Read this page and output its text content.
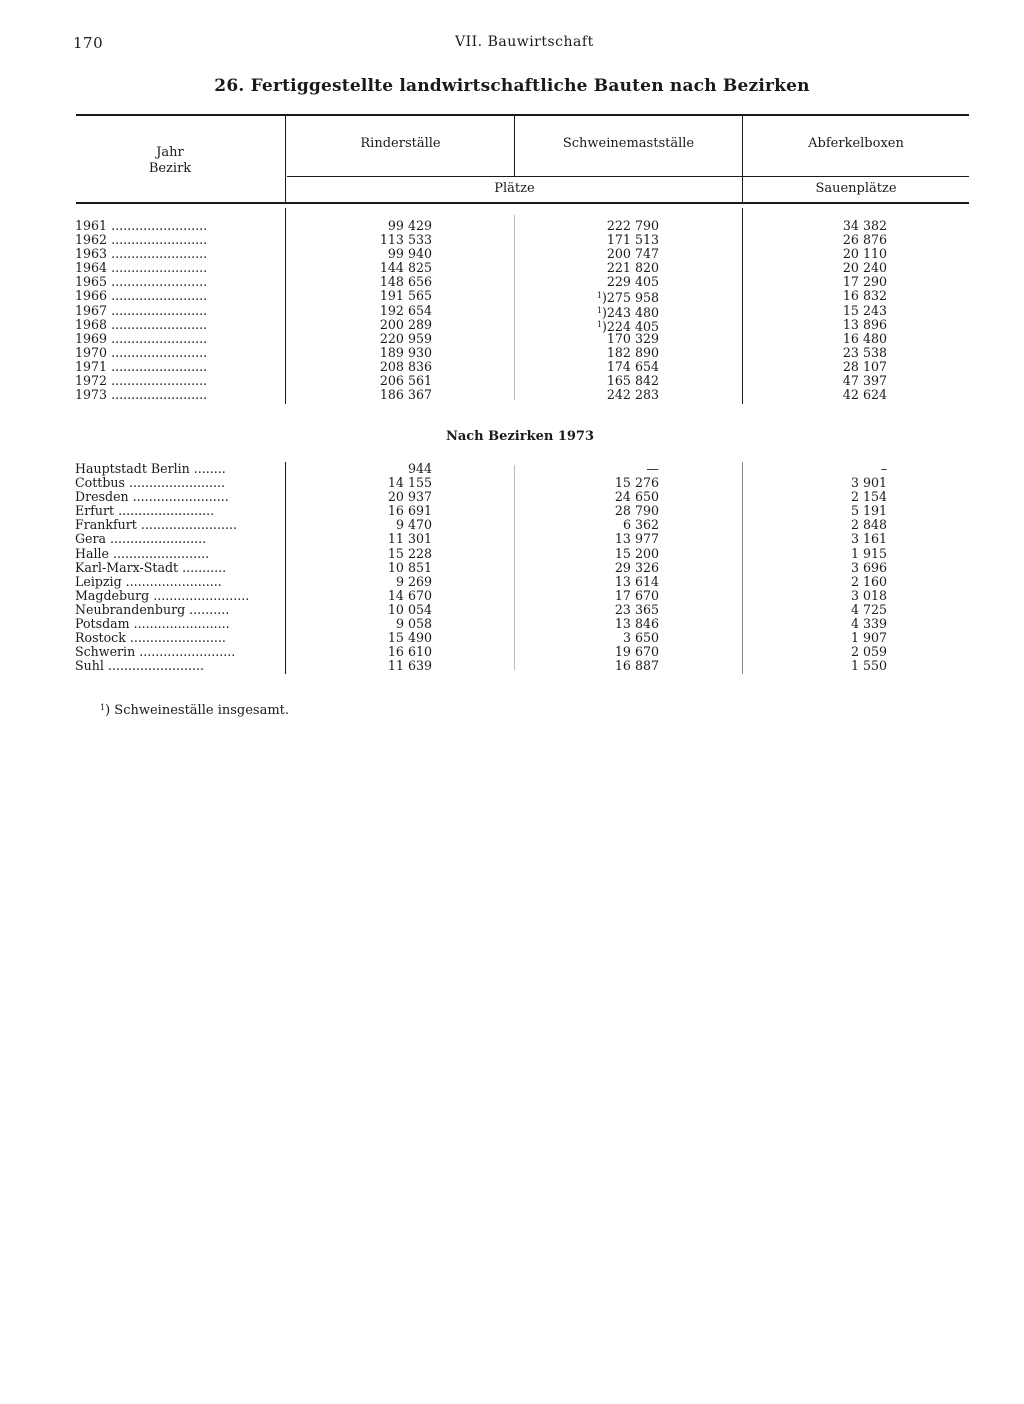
170	VII. Bauwirtschaft
26. Fertiggestellte landwirtschaftliche Bauten nach Bezirken
Jahr
Bezirk
Rinderställe	Schweinemastställe	Abferkelboxen
Plätze	Sauenplätze
1961 ........................	99 429	222 790	34 382
1962 ........................	113 533	171 513	26 876
1963 ........................	99 940	200 747	20 110
1964 ........................	144 825	221 820	20 240
1965 ........................	148 656	229 405	17 290
1966 ........................	191 565	$^1$)275 958	16 832
1967 ........................	192 654	$^1$)243 480	15 243
1968 ........................	200 289	$^1$)224 405	13 896
1969 ........................	220 959	170 329	16 480
1970 ........................	189 930	182 890	23 538
1971 ........................	208 836	174 654	28 107
1972 ........................	206 561	165 842	47 397
1973 ........................	186 367	242 283	42 624
Nach Bezirken 1973
Hauptstadt Berlin ........	944	—	–
Cottbus ........................	14 155	15 276	3 901
Dresden ........................	20 937	24 650	2 154
Erfurt ........................	16 691	28 790	5 191
Frankfurt ........................	9 470	6 362	2 848
Gera ........................	11 301	13 977	3 161
Halle ........................	15 228	15 200	1 915
Karl-Marx-Stadt ...........	10 851	29 326	3 696
Leipzig ........................	9 269	13 614	2 160
Magdeburg ........................	14 670	17 670	3 018
Neubrandenburg ..........	10 054	23 365	4 725
Potsdam ........................	9 058	13 846	4 339
Rostock ........................	15 490	3 650	1 907
Schwerin ........................	16 610	19 670	2 059
Suhl ........................	11 639	16 887	1 550
$^1$) Schweineställe insgesamt.
